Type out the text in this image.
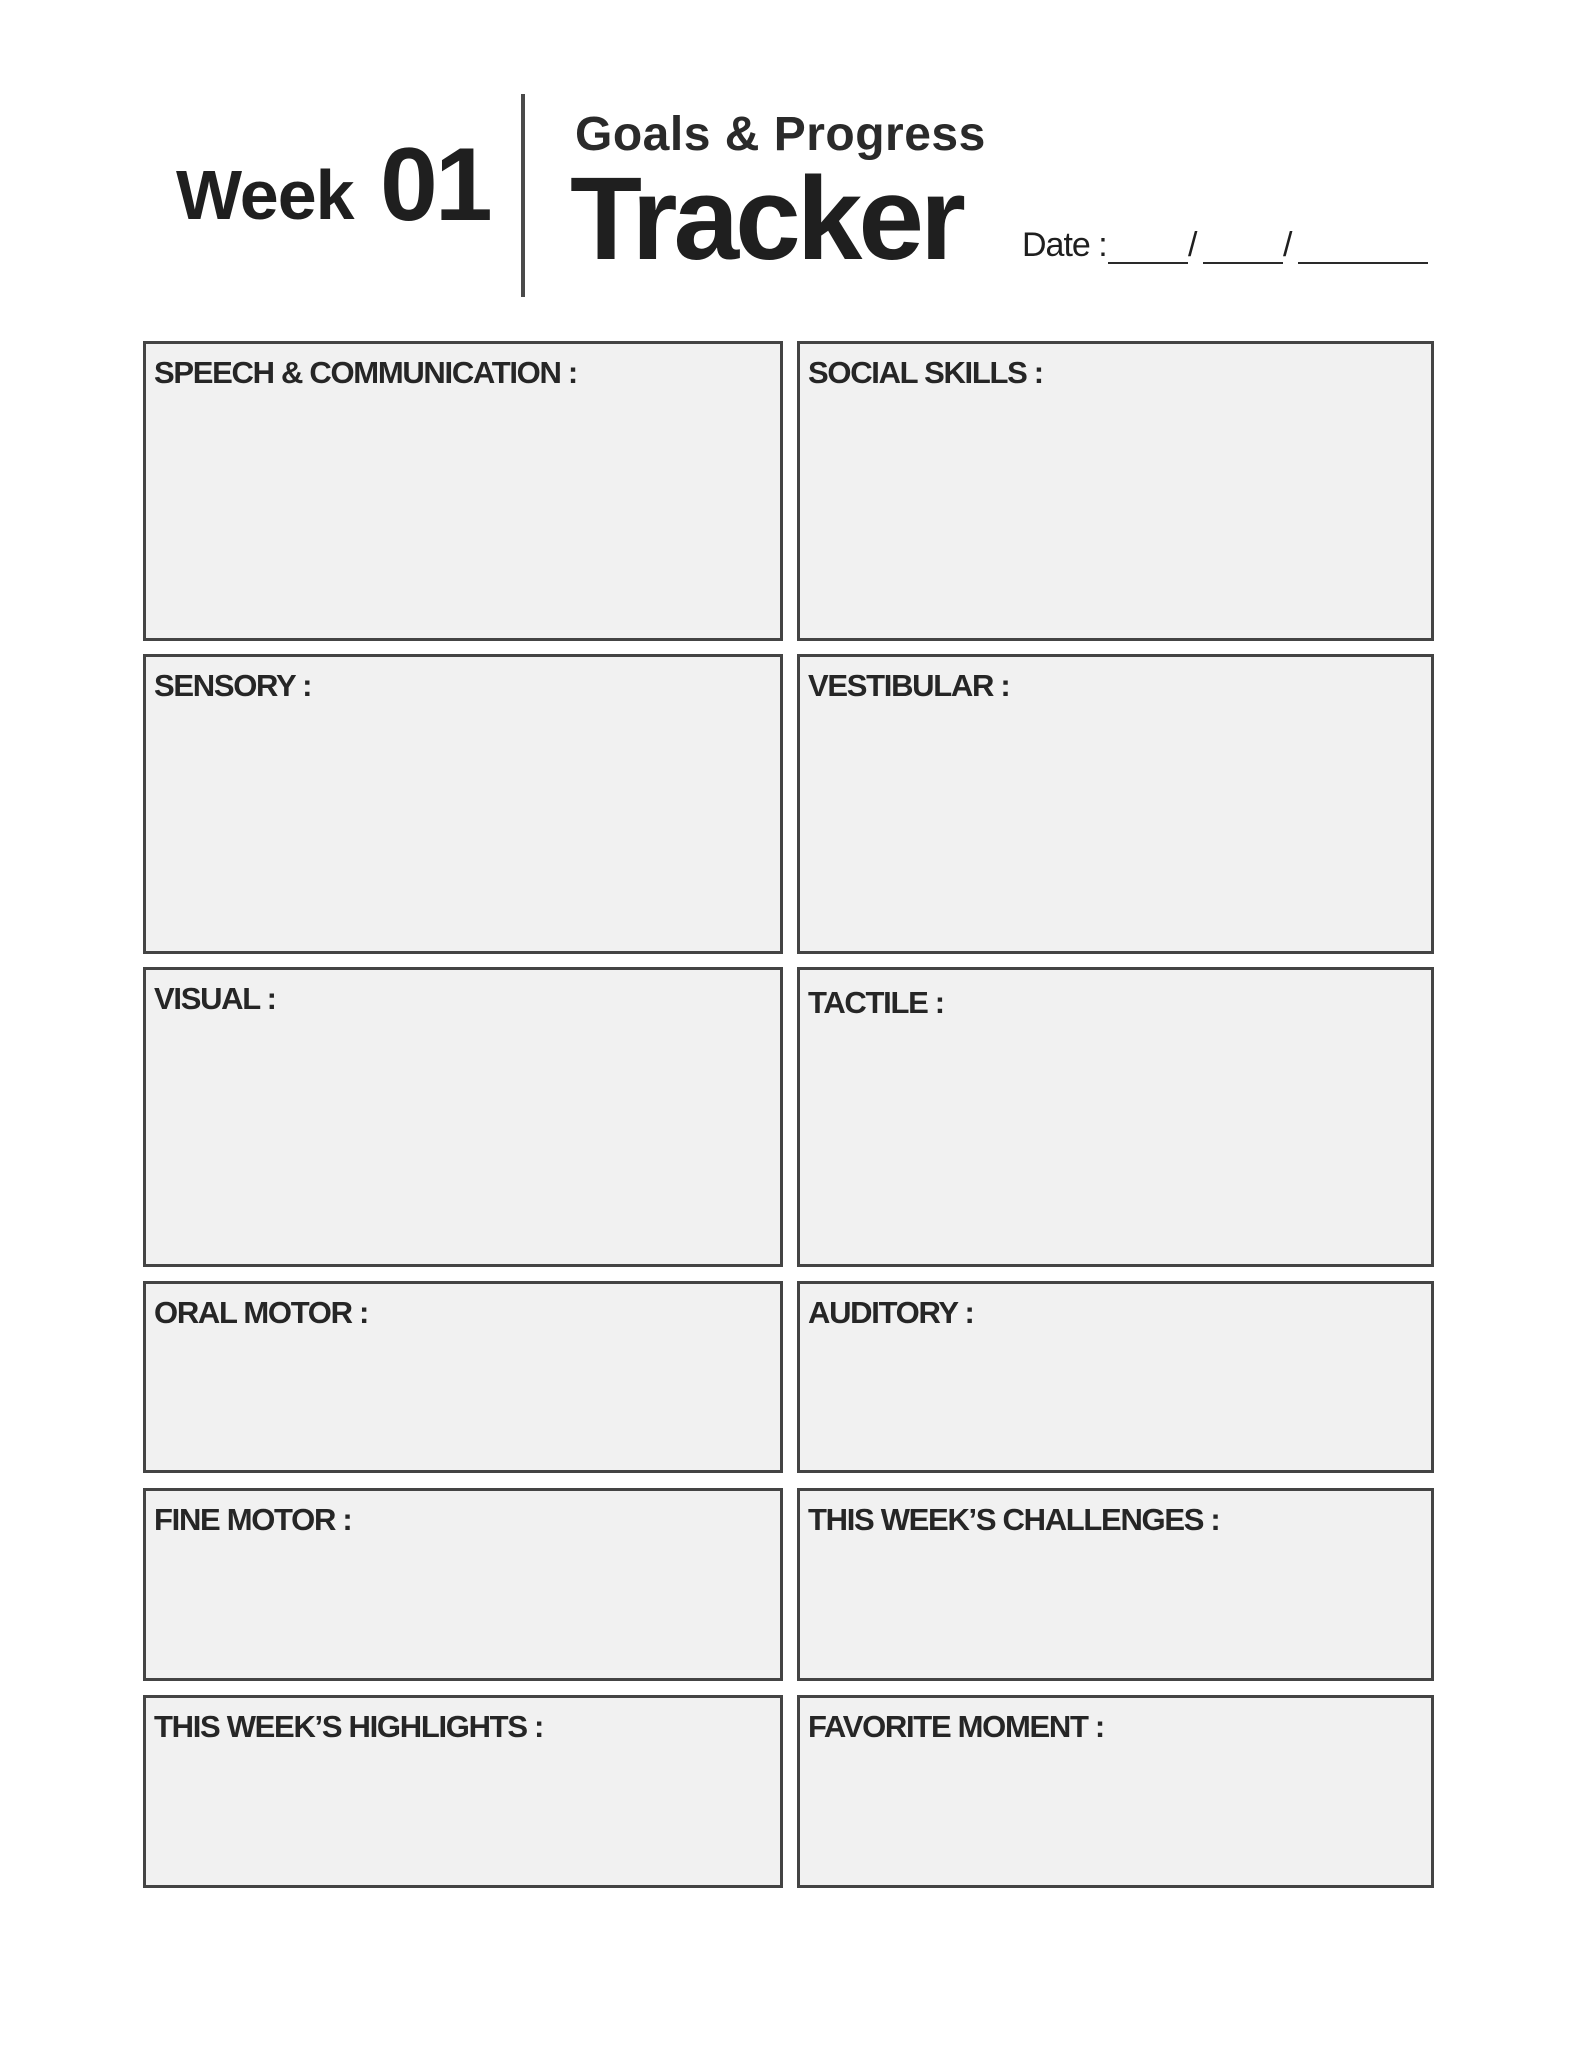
Week 01 Goals & Progress
Tracker Date : /	/
SPEECH & COMMUNICATION :	SOCIAL SKILLS :
SENSORY :	VESTIBULAR :
VISUAL :	TACTILE :
ORAL MOTOR :	AUDITORY :
FINE MOTOR :	THIS WEEK’S CHALLENGES :
THIS WEEK’S HIGHLIGHTS :	FAVORITE MOMENT :
